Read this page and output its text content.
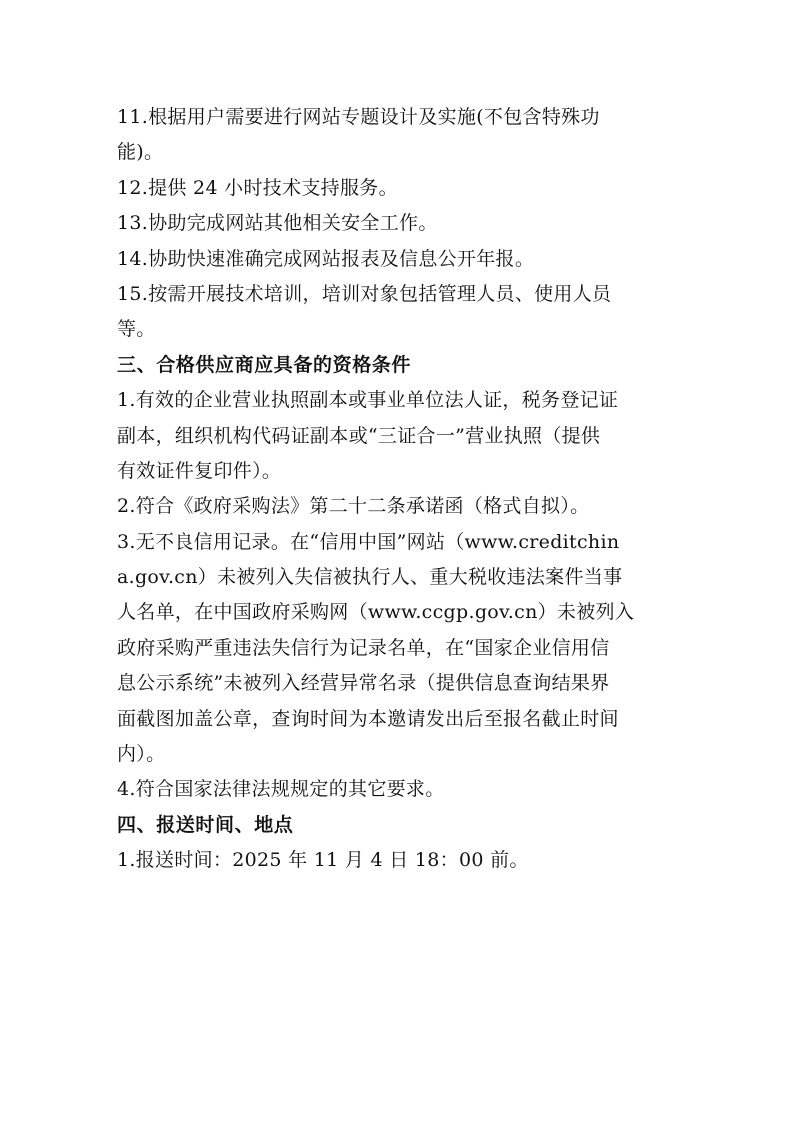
11.根据用户需要进行网站专题设计及实施(不包含特殊功
能)。
12.提供 24 小时技术支持服务。
13.协助完成网站其他相关安全工作。
14.协助快速准确完成网站报表及信息公开年报。
15.按需开展技术培训，培训对象包括管理人员、使用人员
等。
三、合格供应商应具备的资格条件
1.有效的企业营业执照副本或事业单位法人证，税务登记证
副本，组织机构代码证副本或“三证合一”营业执照（提供
有效证件复印件）。
2.符合《政府采购法》第二十二条承诺函（格式自拟）。
3.无不良信用记录。在“信用中国”网站（www.creditchin
a.gov.cn）未被列入失信被执行人、重大税收违法案件当事
人名单，在中国政府采购网（www.ccgp.gov.cn）未被列入
政府采购严重违法失信行为记录名单，在“国家企业信用信
息公示系统”未被列入经营异常名录（提供信息查询结果界
面截图加盖公章，查询时间为本邀请发出后至报名截止时间
内）。
4.符合国家法律法规规定的其它要求。
四、报送时间、地点
1.报送时间：2025 年 11 月 4 日 18：00 前。
